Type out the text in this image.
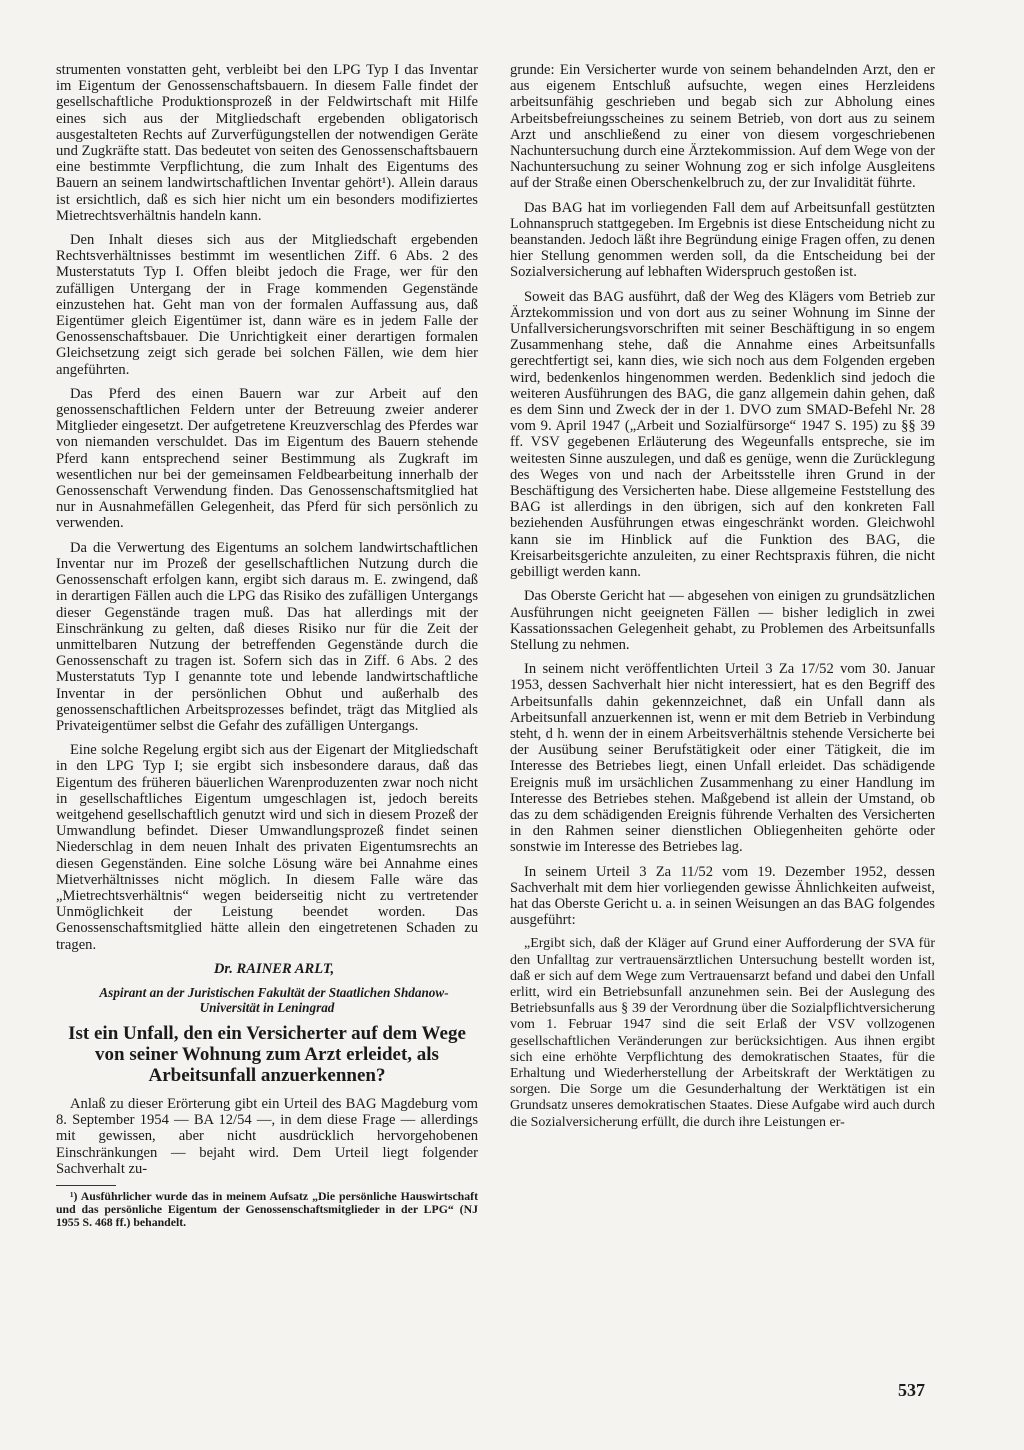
strumenten vonstatten geht, verbleibt bei den LPG Typ I das Inventar im Eigentum der Genossenschaftsbauern. In diesem Falle findet der gesellschaftliche Produktionsprozeß in der Feldwirtschaft mit Hilfe eines sich aus der Mitgliedschaft ergebenden obligatorisch ausgestalteten Rechts auf Zurverfügungstellen der notwendigen Geräte und Zugkräfte statt. Das bedeutet von seiten des Genossenschaftsbauern eine bestimmte Verpflichtung, die zum Inhalt des Eigentums des Bauern an seinem landwirtschaftlichen Inventar gehört¹). Allein daraus ist ersichtlich, daß es sich hier nicht um ein besonders modifiziertes Mietrechtsverhältnis handeln kann.

Den Inhalt dieses sich aus der Mitgliedschaft ergebenden Rechtsverhältnisses bestimmt im wesentlichen Ziff. 6 Abs. 2 des Musterstatuts Typ I. Offen bleibt jedoch die Frage, wer für den zufälligen Untergang der in Frage kommenden Gegenstände einzustehen hat. Geht man von der formalen Auffassung aus, daß Eigentümer gleich Eigentümer ist, dann wäre es in jedem Falle der Genossenschaftsbauer. Die Unrichtigkeit einer derartigen formalen Gleichsetzung zeigt sich gerade bei solchen Fällen, wie dem hier angeführten.

Das Pferd des einen Bauern war zur Arbeit auf den genossenschaftlichen Feldern unter der Betreuung zweier anderer Mitglieder eingesetzt. Der aufgetretene Kreuzverschlag des Pferdes war von niemanden verschuldet. Das im Eigentum des Bauern stehende Pferd kann entsprechend seiner Bestimmung als Zugkraft im wesentlichen nur bei der gemeinsamen Feldbearbeitung innerhalb der Genossenschaft Verwendung finden. Das Genossenschaftsmitglied hat nur in Ausnahmefällen Gelegenheit, das Pferd für sich persönlich zu verwenden.

Da die Verwertung des Eigentums an solchem landwirtschaftlichen Inventar nur im Prozeß der gesellschaftlichen Nutzung durch die Genossenschaft erfolgen kann, ergibt sich daraus m. E. zwingend, daß in derartigen Fällen auch die LPG das Risiko des zufälligen Untergangs dieser Gegenstände tragen muß. Das hat allerdings mit der Einschränkung zu gelten, daß dieses Risiko nur für die Zeit der unmittelbaren Nutzung der betreffenden Gegenstände durch die Genossenschaft zu tragen ist. Sofern sich das in Ziff. 6 Abs. 2 des Musterstatuts Typ I genannte tote und lebende landwirtschaftliche Inventar in der persönlichen Obhut und außerhalb des genossenschaftlichen Arbeitsprozesses befindet, trägt das Mitglied als Privateigentümer selbst die Gefahr des zufälligen Untergangs.

Eine solche Regelung ergibt sich aus der Eigenart der Mitgliedschaft in den LPG Typ I; sie ergibt sich insbesondere daraus, daß das Eigentum des früheren bäuerlichen Warenproduzenten zwar noch nicht in gesellschaftliches Eigentum umgeschlagen ist, jedoch bereits weitgehend gesellschaftlich genutzt wird und sich in diesem Prozeß der Umwandlung befindet. Dieser Umwandlungsprozeß findet seinen Niederschlag in dem neuen Inhalt des privaten Eigentumsrechts an diesen Gegenständen. Eine solche Lösung wäre bei Annahme eines Mietverhältnisses nicht möglich. In diesem Falle wäre das „Mietrechtsverhältnis“ wegen beiderseitig nicht zu vertretender Unmöglichkeit der Leistung beendet worden. Das Genossenschaftsmitglied hätte allein den eingetretenen Schaden zu tragen.

Dr. RAINER ARLT,

Aspirant an der Juristischen Fakultät der Staatlichen Shdanow-Universität in Leningrad

Ist ein Unfall, den ein Versicherter auf dem Wege von seiner Wohnung zum Arzt erleidet, als Arbeitsunfall anzuerkennen?

Anlaß zu dieser Erörterung gibt ein Urteil des BAG Magdeburg vom 8. September 1954 — BA 12/54 —, in dem diese Frage — allerdings mit gewissen, aber nicht ausdrücklich hervorgehobenen Einschränkungen — bejaht wird. Dem Urteil liegt folgender Sachverhalt zu-

¹) Ausführlicher wurde das in meinem Aufsatz „Die persönliche Hauswirtschaft und das persönliche Eigentum der Genossenschaftsmitglieder in der LPG“ (NJ 1955 S. 468 ff.) behandelt.

grunde: Ein Versicherter wurde von seinem behandelnden Arzt, den er aus eigenem Entschluß aufsuchte, wegen eines Herzleidens arbeitsunfähig geschrieben und begab sich zur Abholung eines Arbeitsbefreiungsscheines zu seinem Betrieb, von dort aus zu seinem Arzt und anschließend zu einer von diesem vorgeschriebenen Nachuntersuchung durch eine Ärztekommission. Auf dem Wege von der Nachuntersuchung zu seiner Wohnung zog er sich infolge Ausgleitens auf der Straße einen Oberschenkelbruch zu, der zur Invalidität führte.

Das BAG hat im vorliegenden Fall dem auf Arbeitsunfall gestützten Lohnanspruch stattgegeben. Im Ergebnis ist diese Entscheidung nicht zu beanstanden. Jedoch läßt ihre Begründung einige Fragen offen, zu denen hier Stellung genommen werden soll, da die Entscheidung bei der Sozialversicherung auf lebhaften Widerspruch gestoßen ist.

Soweit das BAG ausführt, daß der Weg des Klägers vom Betrieb zur Ärztekommission und von dort aus zu seiner Wohnung im Sinne der Unfallversicherungsvorschriften mit seiner Beschäftigung in so engem Zusammenhang stehe, daß die Annahme eines Arbeitsunfalls gerechtfertigt sei, kann dies, wie sich noch aus dem Folgenden ergeben wird, bedenkenlos hingenommen werden. Bedenklich sind jedoch die weiteren Ausführungen des BAG, die ganz allgemein dahin gehen, daß es dem Sinn und Zweck der in der 1. DVO zum SMAD-Befehl Nr. 28 vom 9. April 1947 („Arbeit und Sozialfürsorge“ 1947 S. 195) zu §§ 39 ff. VSV gegebenen Erläuterung des Wegeunfalls entspreche, sie im weitesten Sinne auszulegen, und daß es genüge, wenn die Zurücklegung des Weges von und nach der Arbeitsstelle ihren Grund in der Beschäftigung des Versicherten habe. Diese allgemeine Feststellung des BAG ist allerdings in den übrigen, sich auf den konkreten Fall beziehenden Ausführungen etwas eingeschränkt worden. Gleichwohl kann sie im Hinblick auf die Funktion des BAG, die Kreisarbeitsgerichte anzuleiten, zu einer Rechtspraxis führen, die nicht gebilligt werden kann.

Das Oberste Gericht hat — abgesehen von einigen zu grundsätzlichen Ausführungen nicht geeigneten Fällen — bisher lediglich in zwei Kassationssachen Gelegenheit gehabt, zu Problemen des Arbeitsunfalls Stellung zu nehmen.

In seinem nicht veröffentlichten Urteil 3 Za 17/52 vom 30. Januar 1953, dessen Sachverhalt hier nicht interessiert, hat es den Begriff des Arbeitsunfalls dahin gekennzeichnet, daß ein Unfall dann als Arbeitsunfall anzuerkennen ist, wenn er mit dem Betrieb in Verbindung steht, d h. wenn der in einem Arbeitsverhältnis stehende Versicherte bei der Ausübung seiner Berufstätigkeit oder einer Tätigkeit, die im Interesse des Betriebes liegt, einen Unfall erleidet. Das schädigende Ereignis muß im ursächlichen Zusammenhang zu einer Handlung im Interesse des Betriebes stehen. Maßgebend ist allein der Umstand, ob das zu dem schädigenden Ereignis führende Verhalten des Versicherten in den Rahmen seiner dienstlichen Obliegenheiten gehörte oder sonstwie im Interesse des Betriebes lag.

In seinem Urteil 3 Za 11/52 vom 19. Dezember 1952, dessen Sachverhalt mit dem hier vorliegenden gewisse Ähnlichkeiten aufweist, hat das Oberste Gericht u. a. in seinen Weisungen an das BAG folgendes ausgeführt:

„Ergibt sich, daß der Kläger auf Grund einer Aufforderung der SVA für den Unfalltag zur vertrauensärztlichen Untersuchung bestellt worden ist, daß er sich auf dem Wege zum Vertrauensarzt befand und dabei den Unfall erlitt, wird ein Betriebsunfall anzunehmen sein. Bei der Auslegung des Betriebsunfalls aus § 39 der Verordnung über die Sozialpflichtversicherung vom 1. Februar 1947 sind die seit Erlaß der VSV vollzogenen gesellschaftlichen Veränderungen zur berücksichtigen. Aus ihnen ergibt sich eine erhöhte Verpflichtung des demokratischen Staates, für die Erhaltung und Wiederherstellung der Arbeitskraft der Werktätigen zu sorgen. Die Sorge um die Gesunderhaltung der Werktätigen ist ein Grundsatz unseres demokratischen Staates. Diese Aufgabe wird auch durch die Sozialversicherung erfüllt, die durch ihre Leistungen er-

537
